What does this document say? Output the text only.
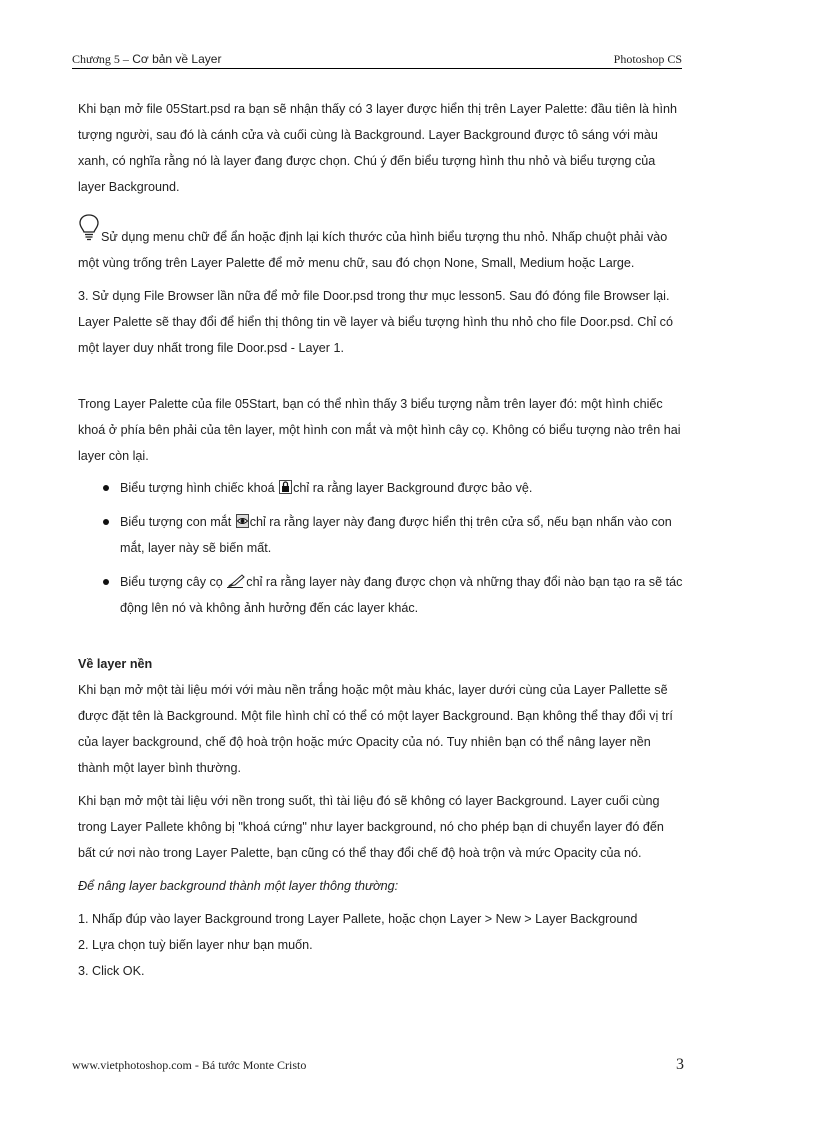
Chương 5 – Cơ bản về Layer	Photoshop CS

Khi bạn mở file 05Start.psd ra bạn sẽ nhận thấy có 3 layer được hiển thị trên Layer Palette: đầu tiên là hình tượng người, sau đó là cánh cửa và cuối cùng là Background. Layer Background được tô sáng với màu xanh, có nghĩa rằng nó là layer đang được chọn. Chú ý đến biểu tượng hình thu nhỏ và biểu tượng của layer Background.

Sử dụng menu chữ để ẩn hoặc định lại kích thước của hình biểu tượng thu nhỏ. Nhấp chuột phải vào một vùng trống trên Layer Palette để mở menu chữ, sau đó chọn None, Small, Medium hoặc Large.

3. Sử dụng File Browser lần nữa để mở file Door.psd trong thư mục lesson5. Sau đó đóng file Browser lại.

Layer Palette sẽ thay đổi để hiển thị thông tin về layer và biểu tượng hình thu nhỏ cho file Door.psd. Chỉ có một layer duy nhất trong file Door.psd - Layer 1.

Trong Layer Palette của file 05Start, bạn có thể nhìn thấy 3 biểu tượng nằm trên layer đó: một hình chiếc khoá ở phía bên phải của tên layer, một hình con mắt và một hình cây cọ. Không có biểu tượng nào trên hai layer còn lại.

Biểu tượng hình chiếc khoá chỉ ra rằng layer Background được bảo vệ.
Biểu tượng con mắt chỉ ra rằng layer này đang được hiển thị trên cửa sổ, nếu bạn nhấn vào con mắt, layer này sẽ biến mất.
Biểu tượng cây cọ chỉ ra rằng layer này đang được chọn và những thay đổi nào bạn tạo ra sẽ tác động lên nó và không ảnh hưởng đến các layer khác.

Về layer nền

Khi bạn mở một tài liệu mới với màu nền trắng hoặc một màu khác, layer dưới cùng của Layer Pallette sẽ được đặt tên là Background. Một file hình chỉ có thể có một layer Background. Bạn không thể thay đổi vị trí của layer background, chế độ hoà trộn hoặc mức Opacity của nó. Tuy nhiên bạn có thể nâng layer nền thành một layer bình thường.

Khi bạn mở một tài liệu với nền trong suốt, thì tài liệu đó sẽ không có layer Background. Layer cuối cùng trong Layer Pallete không bị "khoá cứng" như layer background, nó cho phép bạn di chuyển layer đó đến bất cứ nơi nào trong Layer Palette, bạn cũng có thể thay đổi chế độ hoà trộn và mức Opacity của nó.

Để nâng layer background thành một layer thông thường:

1. Nhấp đúp vào layer Background trong Layer Pallete, hoặc chọn Layer > New > Layer Background

2. Lựa chọn tuỳ biến layer như bạn muốn.

3. Click OK.

www.vietphotoshop.com - Bá tước Monte Cristo	3
